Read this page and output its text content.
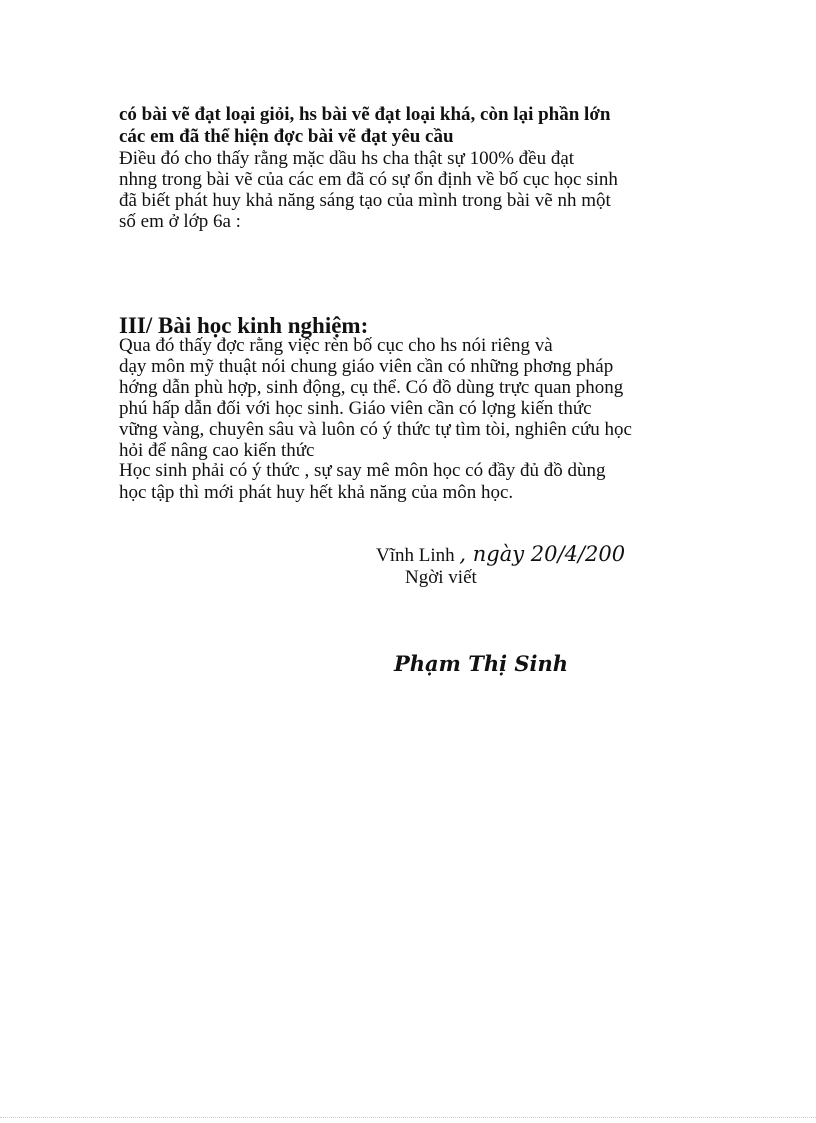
có bài vẽ đạt loại giỏi, hs bài vẽ đạt loại khá, còn lại phần lớn
các em đã thể hiện đợc bài vẽ đạt yêu cầu
Điều đó cho thấy rằng mặc dầu hs cha thật sự 100% đều đạt
nhng trong bài vẽ của các em đã có sự ổn định về bố cục học sinh
đã biết phát huy khả năng sáng tạo của mình trong bài vẽ nh một
số em ở lớp 6a :
III/ Bài học kinh nghiệm:
Qua đó thấy đợc rằng việc rèn bố cục cho hs nói riêng và
dạy môn mỹ thuật nói chung giáo viên cần có những phơng pháp
hớng dẫn phù hợp, sinh động, cụ thể. Có đồ dùng trực quan phong
phú hấp dẫn đối với học sinh. Giáo viên cần có lợng kiến thức
vững vàng, chuyên sâu và luôn có ý thức tự tìm tòi, nghiên cứu học
hỏi để nâng cao kiến thức
Học sinh phải có ý thức , sự say mê môn học có đầy đủ đồ dùng
học tập thì mới phát huy hết khả năng của môn học.
Vĩnh Linh , ngày 20/4/200
Ngời viết
Phạm Thị Sinh
